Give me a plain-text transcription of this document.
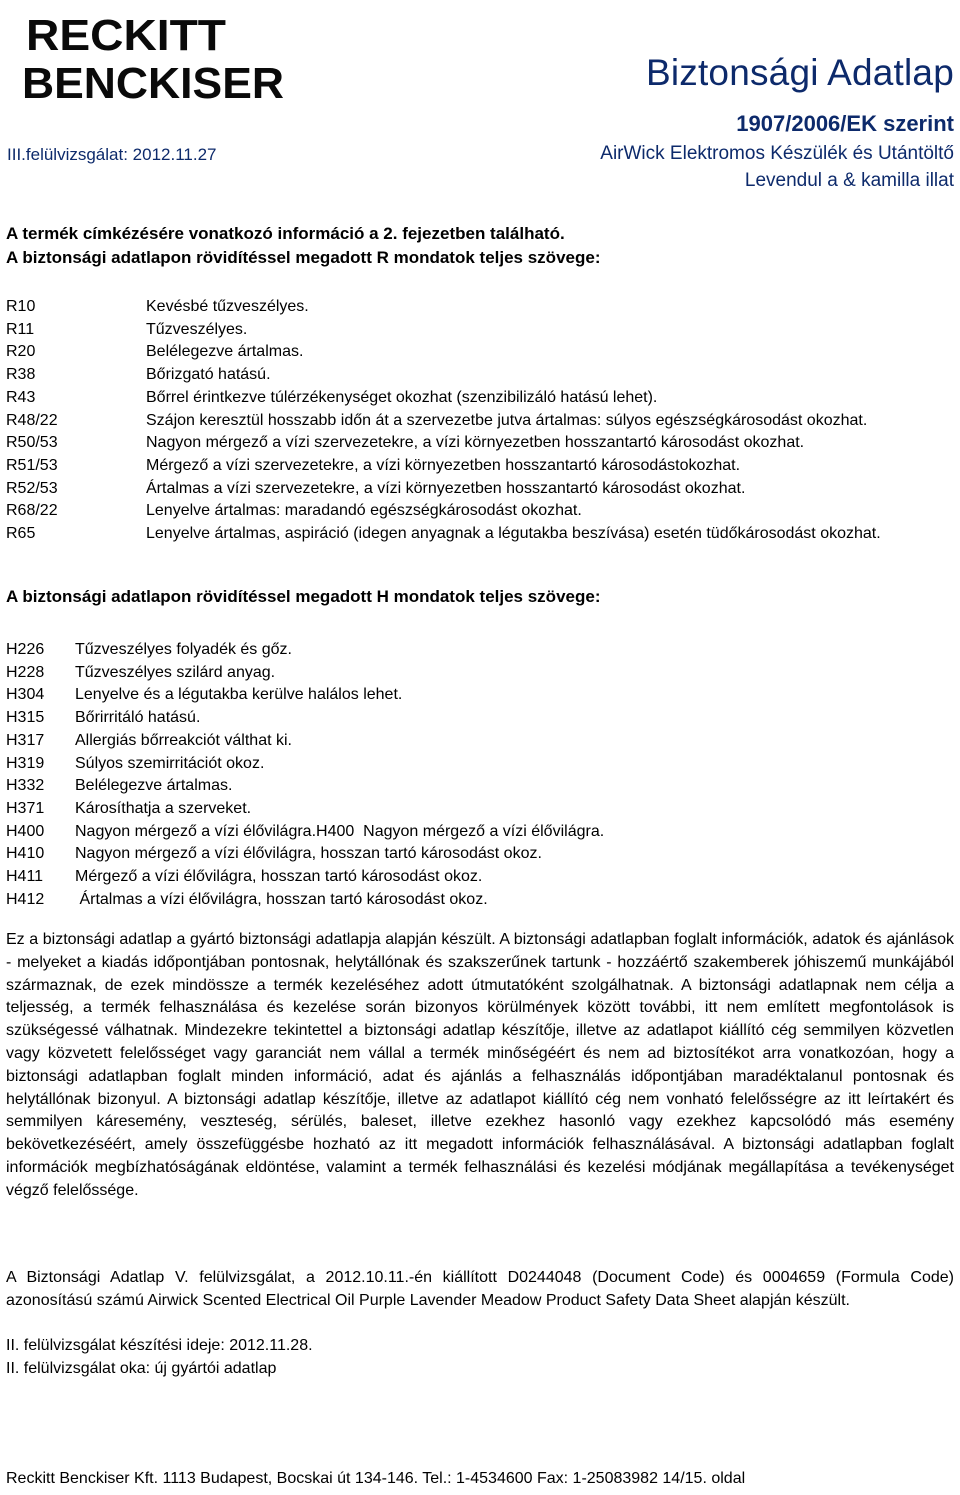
RECKITT
BENCKISER	Biztonsági Adatlap
1907/2006/EK szerint
III.felülvizsgálat: 2012.11.27	AirWick Elektromos Készülék és Utántöltő
Levendul a & kamilla illat
A termék címkézésére vonatkozó információ a 2. fejezetben található.
A biztonsági adatlapon rövidítéssel megadott R mondatok teljes szövege:
R10	Kevésbé tűzveszélyes.
R11	Tűzveszélyes.
R20	Belélegezve ártalmas.
R38	Bőrizgató hatású.
R43	Bőrrel érintkezve túlérzékenységet okozhat (szenzibilizáló hatású lehet).
R48/22	Szájon keresztül hosszabb időn át a szervezetbe jutva ártalmas: súlyos egészségkárosodást okozhat.
R50/53	Nagyon mérgező a vízi szervezetekre, a vízi környezetben hosszantartó károsodást okozhat.
R51/53	Mérgező a vízi szervezetekre, a vízi környezetben hosszantartó károsodástokozhat.
R52/53	Ártalmas a vízi szervezetekre, a vízi környezetben hosszantartó károsodást okozhat.
R68/22	Lenyelve ártalmas: maradandó egészségkárosodást okozhat.
R65	Lenyelve ártalmas, aspiráció (idegen anyagnak a légutakba beszívása) esetén tüdőkárosodást okozhat.
A biztonsági adatlapon rövidítéssel megadott H mondatok teljes szövege:
H226 Tűzveszélyes folyadék és gőz.
H228 Tűzveszélyes szilárd anyag.
H304 Lenyelve és a légutakba kerülve halálos lehet.
H315 Bőrirritáló hatású.
H317 Allergiás bőrreakciót válthat ki.
H319 Súlyos szemirritációt okoz.
H332 Belélegezve ártalmas.
H371 Károsíthatja a szerveket.
H400 Nagyon mérgező a vízi élővilágra.H400  Nagyon mérgező a vízi élővilágra.
H410 Nagyon mérgező a vízi élővilágra, hosszan tartó károsodást okoz.
H411 Mérgező a vízi élővilágra, hosszan tartó károsodást okoz.
H412 Ártalmas a vízi élővilágra, hosszan tartó károsodást okoz.

Ez a biztonsági adatlap a gyártó biztonsági adatlapja alapján készült. A biztonsági adatlapban foglalt információk, adatok és ajánlások - melyeket a kiadás időpontjában pontosnak, helytállónak és szakszerűnek tartunk - hozzáértő szakemberek jóhiszemű munkájából származnak, de ezek mindössze a termék kezeléséhez adott útmutatóként szolgálhatnak. A biztonsági adatlapnak nem célja a teljesség, a termék felhasználása és kezelése során bizonyos körülmények között további, itt nem említett megfontolások is szükségessé válhatnak. Mindezekre tekintettel a biztonsági adatlap készítője, illetve az adatlapot kiállító cég semmilyen közvetlen vagy közvetett felelősséget vagy garanciát nem vállal a termék minőségéért és nem ad biztosítékot arra vonatkozóan, hogy a biztonsági adatlapban foglalt minden információ, adat és ajánlás a felhasználás időpontjában maradéktalanul pontosnak és helytállónak bizonyul. A biztonsági adatlap készítője, illetve az adatlapot kiállító cég nem vonható felelősségre az itt leírtakért és semmilyen káresemény, veszteség, sérülés, baleset, illetve ezekhez hasonló vagy ezekhez kapcsolódó más esemény bekövetkezéséért, amely összefüggésbe hozható az itt megadott információk felhasználásával. A biztonsági adatlapban foglalt információk megbízhatóságának eldöntése, valamint a termék felhasználási és kezelési módjának megállapítása a tevékenységet végző felelőssége.

A Biztonsági Adatlap V. felülvizsgálat, a 2012.10.11.-én kiállított D0244048 (Document Code) és 0004659 (Formula Code) azonosítású számú Airwick Scented Electrical Oil Purple Lavender Meadow Product Safety Data Sheet alapján készült.

II. felülvizsgálat készítési ideje: 2012.11.28.

II. felülvizsgálat oka: új gyártói adatlap

Reckitt Benckiser Kft. 1113 Budapest, Bocskai út 134-146. Tel.: 1-4534600 Fax: 1-25083982 14/15. oldal
